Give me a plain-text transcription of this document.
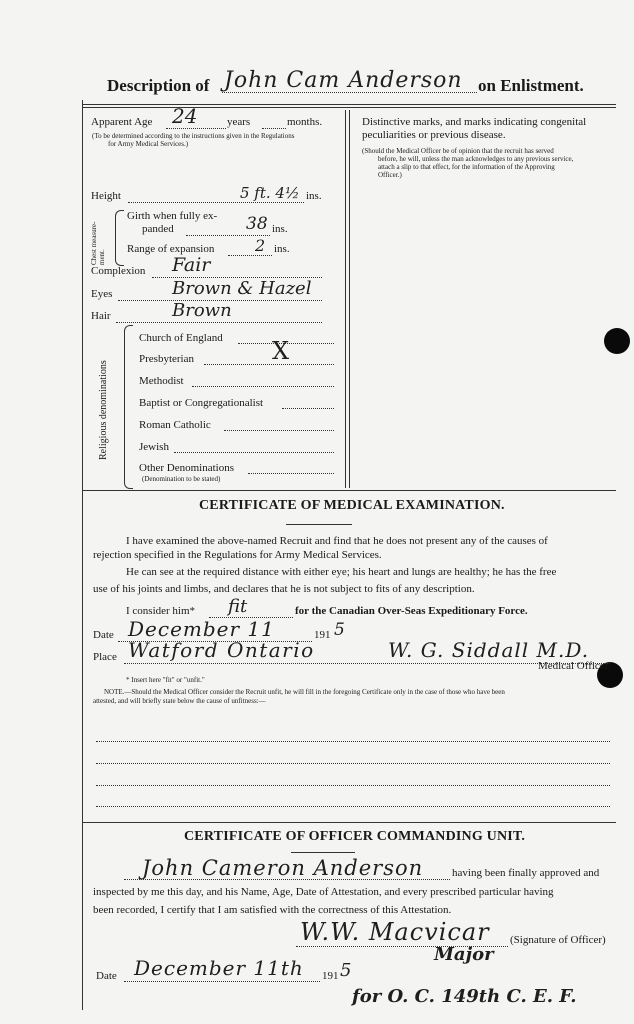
Description of John Cam Anderson on Enlistment.
Apparent Age 24	years	months.
(To be determined according to the instructions given in the Regulations
for Army Medical Services.)
Height	5 ft. 4½ ins.
Chest measure-ment.
Girth when fully ex-
panded	38 ins.
Range of expansion	2 ins.
Complexion Fair
Eyes	Brown & Hazel
Hair	Brown
Religious denominations
Church of England
Presbyterian	X
Methodist
Baptist or Congregationalist
Roman Catholic
Jewish
Other Denominations
(Denomination to be stated)
Distinctive marks, and marks indicating congenital
peculiarities or previous disease.
(Should the Medical Officer be of opinion that the recruit has served
before, he will, unless the man acknowledges to any previous service,
attach a slip to that effect, for the information of the Approving
Officer.)
CERTIFICATE OF MEDICAL EXAMINATION.
I have examined the above-named Recruit and find that he does not present any of the causes of
rejection specified in the Regulations for Army Medical Services.
He can see at the required distance with either eye; his heart and lungs are healthy; he has the free
use of his joints and limbs, and declares that he is not subject to fits of any description.
I consider him* fit	for the Canadian Over-Seas Expeditionary Force.
Date December 11	191 5
Place Watford Ontario	W. G. Siddall M.D.
Medical Officer.
* Insert here "fit" or "unfit."
NOTE.—Should the Medical Officer consider the Recruit unfit, he will fill in the foregoing Certificate only in the case of those who have been
attested, and will briefly state below the cause of unfitness:—
CERTIFICATE OF OFFICER COMMANDING UNIT.
John Cameron Anderson	having been finally approved and
inspected by me this day, and his Name, Age, Date of Attestation, and every prescribed particular having
been recorded, I certify that I am satisfied with the correctness of this Attestation.
W.W. Macvicar (Signature of Officer)
Major
Date December 11th 191 5
for O. C. 149th C. E. F.
